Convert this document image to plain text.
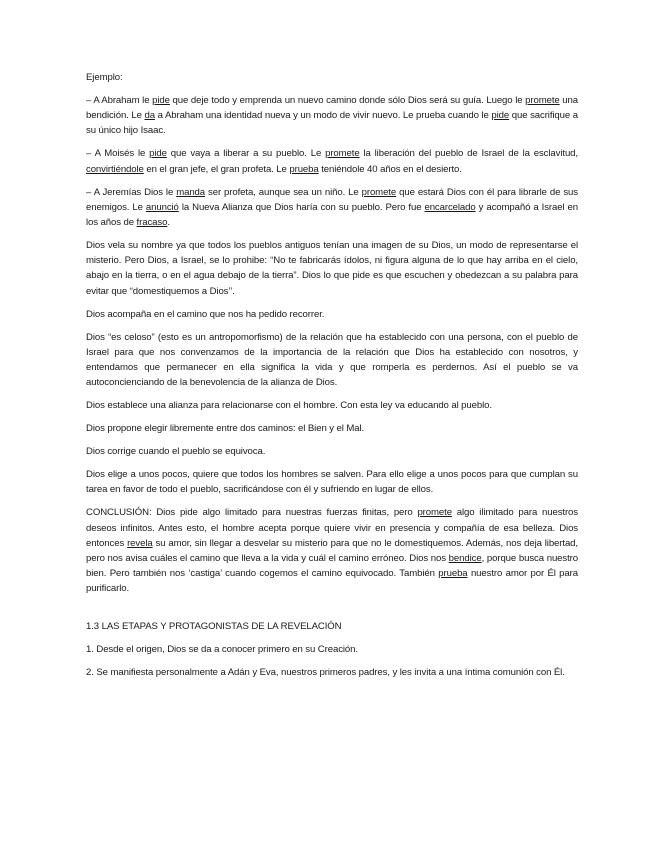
Ejemplo:

– A Abraham le pide que deje todo y emprenda un nuevo camino donde sólo Dios será su guía. Luego le promete una bendición. Le da a Abraham una identidad nueva y un modo de vivir nuevo. Le prueba cuando le pide que sacrifique a su único hijo Isaac.

– A Moisés le pide que vaya a liberar a su pueblo. Le promete la liberación del pueblo de Israel de la esclavitud, convirtiéndole en el gran jefe, el gran profeta. Le prueba teniéndole 40 años en el desierto.

– A Jeremías Dios le manda ser profeta, aunque sea un niño. Le promete que estará Dios con él para librarle de sus enemigos. Le anunció la Nueva Alianza que Dios haría con su pueblo. Pero fue encarcelado y acompañó a Israel en los años de fracaso.

Dios vela su nombre ya que todos los pueblos antiguos tenían una imagen de su Dios, un modo de representarse el misterio. Pero Dios, a Israel, se lo prohibe: “No te fabricarás ídolos, ni figura alguna de lo que hay arriba en el cielo, abajo en la tierra, o en el agua debajo de la tierra”. Dios lo que pide es que escuchen y obedezcan a su palabra para evitar que “domestiquemos a Dios’’.

Dios acompaña en el camino que nos ha pedido recorrer.

Dios “es celoso” (esto es un antropomorfismo) de la relación que ha establecido con una persona, con el pueblo de Israel para que nos convenzamos de la importancia de la relación que Dios ha establecido con nosotros, y entendamos que permanecer en ella significa la vida y que romperla es perdernos. Así el pueblo se va autoconcienciando de la benevolencia de la alianza de Dios.

Dios establece una alianza para relacionarse con el hombre. Con esta ley va educando al pueblo.

Dios propone elegir libremente entre dos caminos: el Bien y el Mal.

Dios corrige cuando el pueblo se equivoca.

Dios elige a unos pocos, quiere que todos los hombres se salven. Para ello elige a unos pocos para que cumplan su tarea en favor de todo el pueblo, sacrificándose con él y sufriendo en lugar de ellos.

CONCLUSIÓN: Dios pide algo limitado para nuestras fuerzas finitas, pero promete algo ilimitado para nuestros deseos infinitos. Antes esto, el hombre acepta porque quiere vivir en presencia y compañía de esa belleza. Dios entonces revela su amor, sin llegar a desvelar su misterio para que no le domestiquemos. Además, nos deja libertad, pero nos avisa cuáles el camino que lleva a la vida y cuál el camino erróneo. Dios nos bendice, porque busca nuestro bien. Pero también nos ‘castiga’ cuando cogemos el camino equivocado. También prueba nuestro amor por Él para purificarlo.

1.3 LAS ETAPAS Y PROTAGONISTAS DE LA REVELACIÓN

1. Desde el origen, Dios se da a conocer primero en su Creación.

2. Se manifiesta personalmente a Adán y Eva, nuestros primeros padres, y les invita a una íntima comunión con Él.
